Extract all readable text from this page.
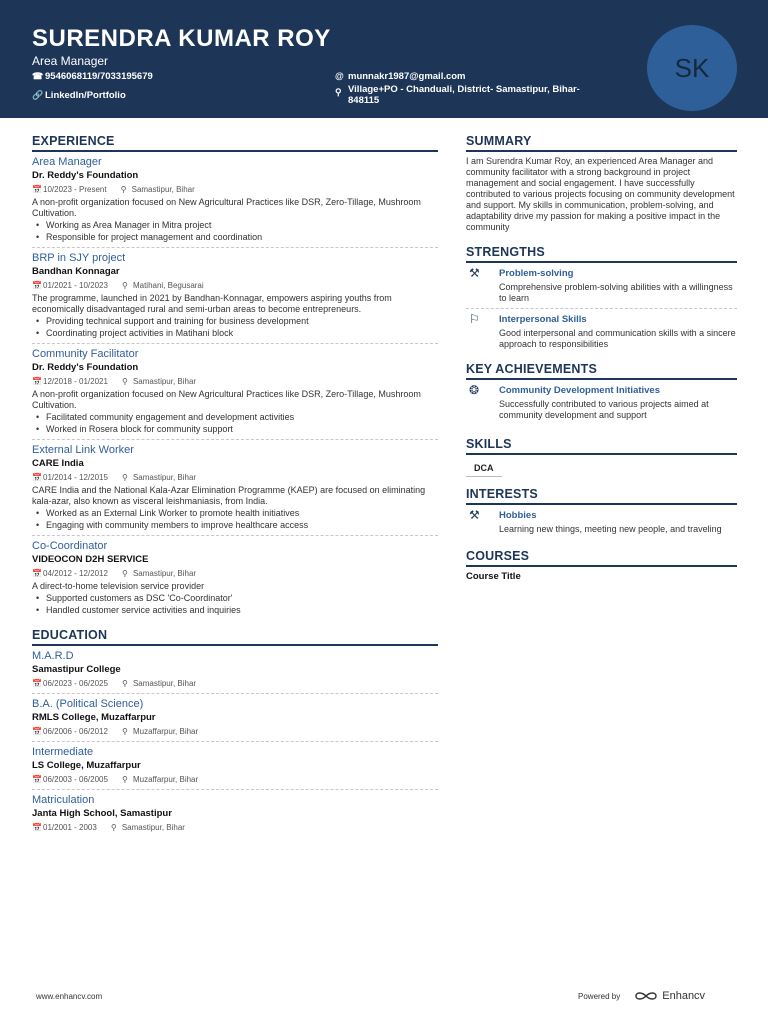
SURENDRA KUMAR ROY
Area Manager
☎ 9546068119/7033195679
🔗 LinkedIn/Portfolio
@ munnakr1987@gmail.com
⚲ Village+PO - Chanduali, District- Samastipur, Bihar-
848115
SK
EXPERIENCE
Area Manager
Dr. Reddy's Foundation
📅 10/2023 - Present ⚲ Samastipur, Bihar
A non-profit organization focused on New Agricultural Practices like DSR, Zero-Tillage, Mushroom Cultivation.
• Working as Area Manager in Mitra project
• Responsible for project management and coordination
BRP in SJY project
Bandhan Konnagar
📅 01/2021 - 10/2023 ⚲ Matihani, Begusarai
The programme, launched in 2021 by Bandhan-Konnagar, empowers aspiring youths from economically disadvantaged rural and semi-urban areas to become entrepreneurs.
• Providing technical support and training for business development
• Coordinating project activities in Matihani block
Community Facilitator
Dr. Reddy's Foundation
📅 12/2018 - 01/2021 ⚲ Samastipur, Bihar
A non-profit organization focused on New Agricultural Practices like DSR, Zero-Tillage, Mushroom Cultivation.
• Facilitated community engagement and development activities
• Worked in Rosera block for community support
External Link Worker
CARE India
📅 01/2014 - 12/2015 ⚲ Samastipur, Bihar
CARE India and the National Kala-Azar Elimination Programme (KAEP) are focused on eliminating kala-azar, also known as visceral leishmaniasis, from India.
• Worked as an External Link Worker to promote health initiatives
• Engaging with community members to improve healthcare access
Co-Coordinator
VIDEOCON D2H SERVICE
📅 04/2012 - 12/2012 ⚲ Samastipur, Bihar
A direct-to-home television service provider
• Supported customers as DSC 'Co-Coordinator'
• Handled customer service activities and inquiries
EDUCATION
M.A.R.D
Samastipur College
📅 06/2023 - 06/2025 ⚲ Samastipur, Bihar
B.A. (Political Science)
RMLS College, Muzaffarpur
📅 06/2006 - 06/2012 ⚲ Muzaffarpur, Bihar
Intermediate
LS College, Muzaffarpur
📅 06/2003 - 06/2005 ⚲ Muzaffarpur, Bihar
Matriculation
Janta High School, Samastipur
📅 01/2001 - 2003 ⚲ Samastipur, Bihar
SUMMARY
I am Surendra Kumar Roy, an experienced Area Manager and community facilitator with a strong background in project management and social engagement. I have successfully contributed to various projects focusing on community development and support. My skills in communication, problem-solving, and adaptability drive my passion for making a positive impact in the community
STRENGTHS
⚒	Problem-solving
Comprehensive problem-solving abilities with a willingness to learn
⚐	Interpersonal Skills
Good interpersonal and communication skills with a sincere approach to responsibilities
KEY ACHIEVEMENTS
❂	Community Development Initiatives
Successfully contributed to various projects aimed at community development and support
SKILLS
DCA
INTERESTS
⚒	Hobbies
Learning new things, meeting new people, and traveling
COURSES
Course Title
www.enhancv.com	Powered by	Enhancv
